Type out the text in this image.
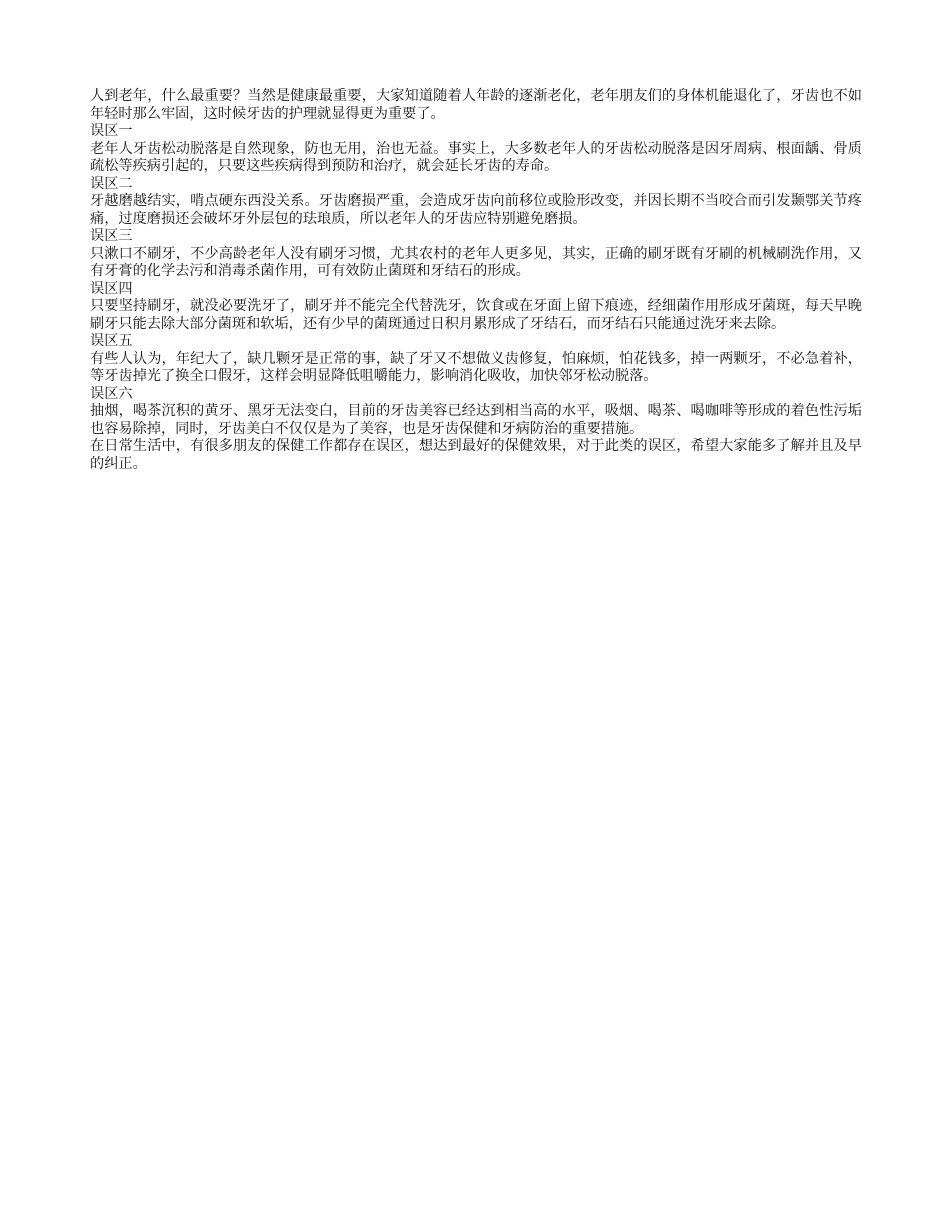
人到老年，什么最重要？当然是健康最重要，大家知道随着人年龄的逐渐老化，老年朋友们的身体机能退化了，牙齿也不如年轻时那么牢固，这时候牙齿的护理就显得更为重要了。

误区一

老年人牙齿松动脱落是自然现象，防也无用，治也无益。事实上，大多数老年人的牙齿松动脱落是因牙周病、根面龋、骨质疏松等疾病引起的，只要这些疾病得到预防和治疗，就会延长牙齿的寿命。

误区二

牙越磨越结实，啃点硬东西没关系。牙齿磨损严重，会造成牙齿向前移位或脸形改变，并因长期不当咬合而引发颞鄂关节疼痛，过度磨损还会破坏牙外层包的珐琅质，所以老年人的牙齿应特别避免磨损。

误区三

只漱口不刷牙，不少高龄老年人没有刷牙习惯，尤其农村的老年人更多见，其实，正确的刷牙既有牙刷的机械刷洗作用，又有牙膏的化学去污和消毒杀菌作用，可有效防止菌斑和牙结石的形成。

误区四

只要坚持刷牙，就没必要洗牙了，刷牙并不能完全代替洗牙，饮食或在牙面上留下痕迹，经细菌作用形成牙菌斑，每天早晚刷牙只能去除大部分菌斑和软垢，还有少早的菌斑通过日积月累形成了牙结石，而牙结石只能通过洗牙来去除。

误区五

有些人认为，年纪大了，缺几颗牙是正常的事，缺了牙又不想做义齿修复，怕麻烦，怕花钱多，掉一两颗牙，不必急着补，等牙齿掉光了换全口假牙，这样会明显降低咀嚼能力，影响消化吸收，加快邻牙松动脱落。

误区六

抽烟，喝茶沉积的黄牙、黑牙无法变白，目前的牙齿美容已经达到相当高的水平，吸烟、喝茶、喝咖啡等形成的着色性污垢也容易除掉，同时，牙齿美白不仅仅是为了美容，也是牙齿保健和牙病防治的重要措施。

在日常生活中，有很多朋友的保健工作都存在误区，想达到最好的保健效果，对于此类的误区，希望大家能多了解并且及早的纠正。
